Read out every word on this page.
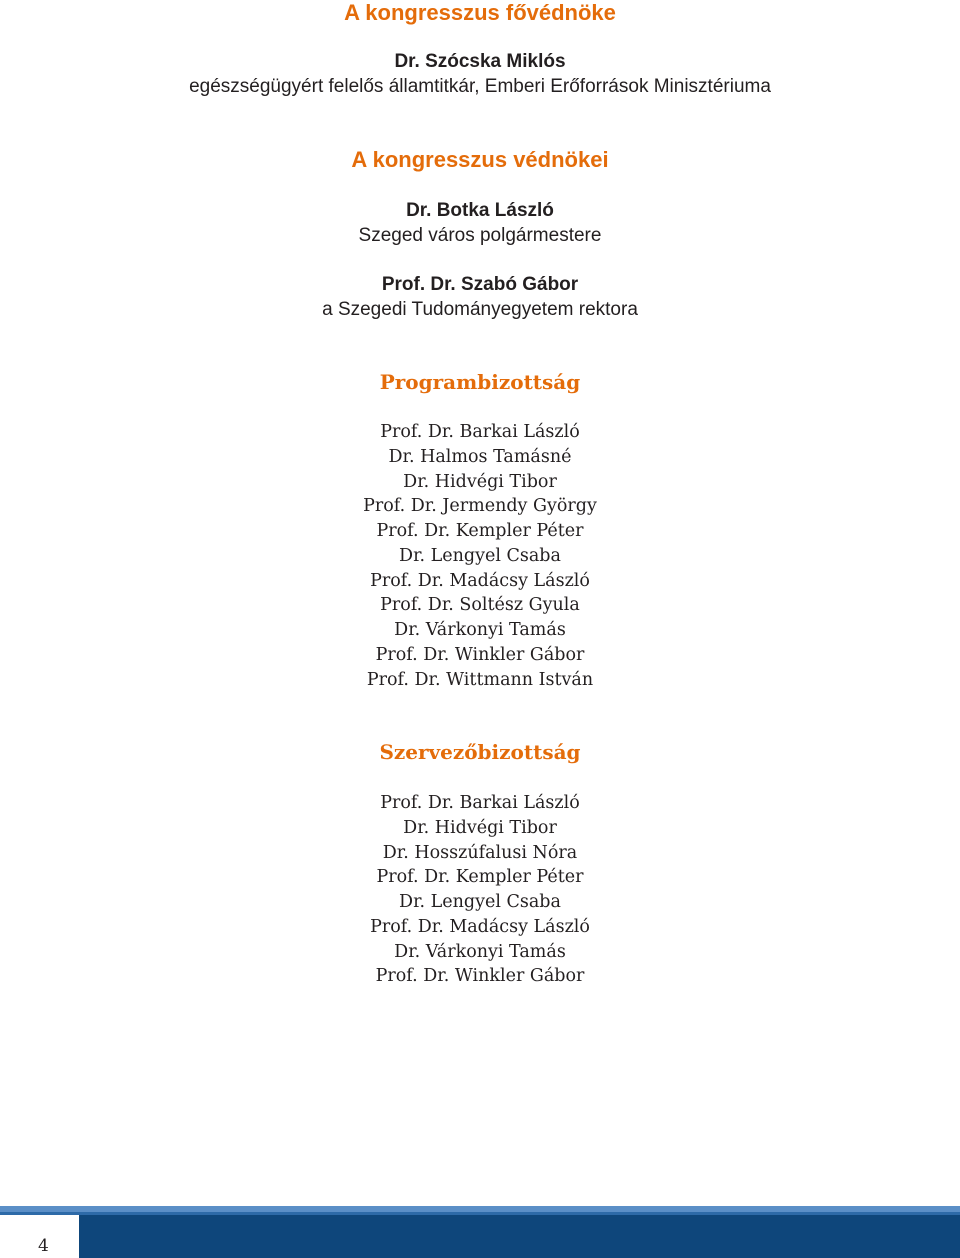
A kongresszus fővédnöke
Dr. Szócska Miklós
egészségügyért felelős államtitkár, Emberi Erőforrások Minisztériuma
A kongresszus védnökei
Dr. Botka László
Szeged város polgármestere
Prof. Dr. Szabó Gábor
a Szegedi Tudományegyetem rektora
Programbizottság
Prof. Dr. Barkai László
Dr. Halmos Tamásné
Dr. Hidvégi Tibor
Prof. Dr. Jermendy György
Prof. Dr. Kempler Péter
Dr. Lengyel Csaba
Prof. Dr. Madácsy László
Prof. Dr. Soltész Gyula
Dr. Várkonyi Tamás
Prof. Dr. Winkler Gábor
Prof. Dr. Wittmann István
Szervezőbizottság
Prof. Dr. Barkai László
Dr. Hidvégi Tibor
Dr. Hosszúfalusi Nóra
Prof. Dr. Kempler Péter
Dr. Lengyel Csaba
Prof. Dr. Madácsy László
Dr. Várkonyi Tamás
Prof. Dr. Winkler Gábor
4
